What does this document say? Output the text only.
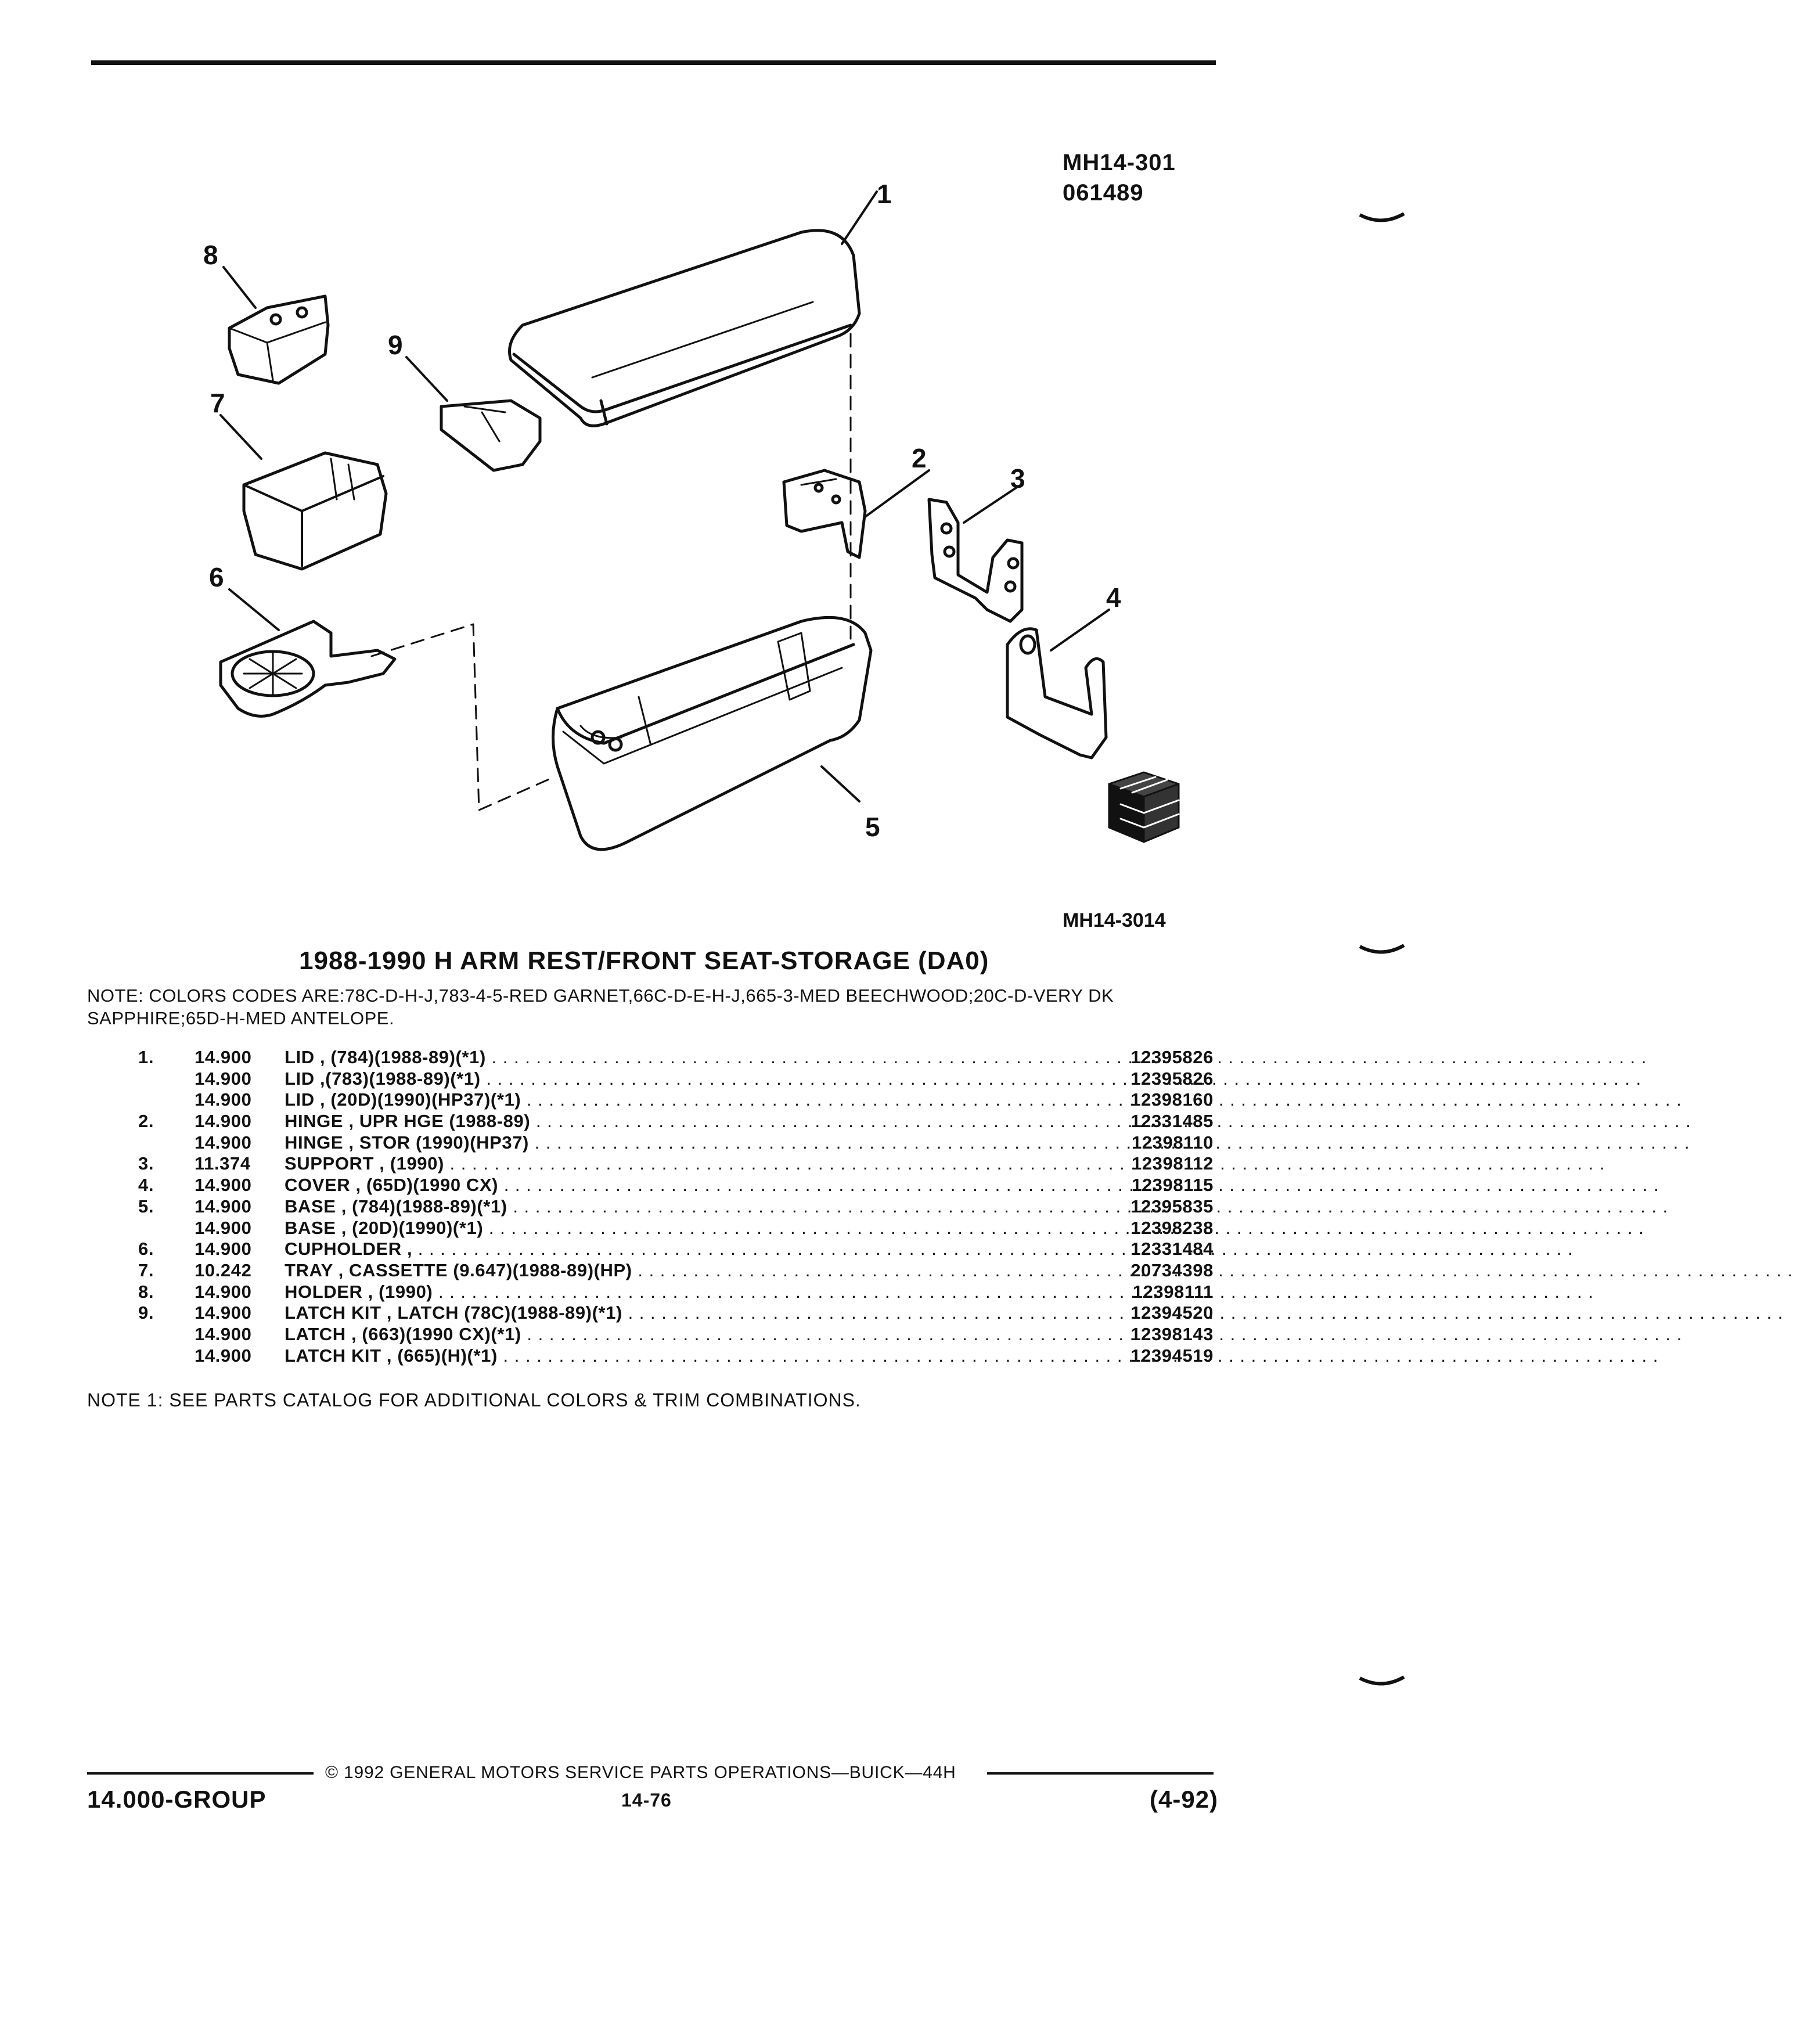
MH14-301
061489
1
2
3
4
5
6
7
8
9
MH14-3014
1988-1990 H ARM REST/FRONT SEAT-STORAGE (DA0)
NOTE: COLORS CODES ARE:78C-D-H-J,783-4-5-RED GARNET,66C-D-E-H-J,665-3-MED BEECHWOOD;20C-D-VERY DK SAPPHIRE;65D-H-MED ANTELOPE.
1.	14.900	LID , (784)(1988-89)(*1) . . .	12395826
14.900	LID ,(783)(1988-89)(*1) . . .	12395826
14.900	LID , (20D)(1990)(HP37)(*1) . . .	12398160
2.	14.900	HINGE , UPR HGE (1988-89) . . .	12331485
14.900	HINGE , STOR (1990)(HP37) . . .	12398110
3.	11.374	SUPPORT , (1990) . . .	12398112
4.	14.900	COVER , (65D)(1990 CX) . . .	12398115
5.	14.900	BASE , (784)(1988-89)(*1) . . .	12395835
14.900	BASE , (20D)(1990)(*1) . . .	12398238
6.	14.900	CUPHOLDER , . . .	12331484
7.	10.242	TRAY , CASSETTE (9.647)(1988-89)(HP) . . .	20734398
8.	14.900	HOLDER , (1990) . . .	12398111
9.	14.900	LATCH KIT , LATCH (78C)(1988-89)(*1) . . .	12394520
14.900	LATCH , (663)(1990 CX)(*1) . . .	12398143
14.900	LATCH KIT , (665)(H)(*1) . . .	12394519
NOTE 1: SEE PARTS CATALOG FOR ADDITIONAL COLORS & TRIM COMBINATIONS.
© 1992 GENERAL MOTORS SERVICE PARTS OPERATIONS—BUICK—44H
14.000-GROUP	14-76	(4-92)
